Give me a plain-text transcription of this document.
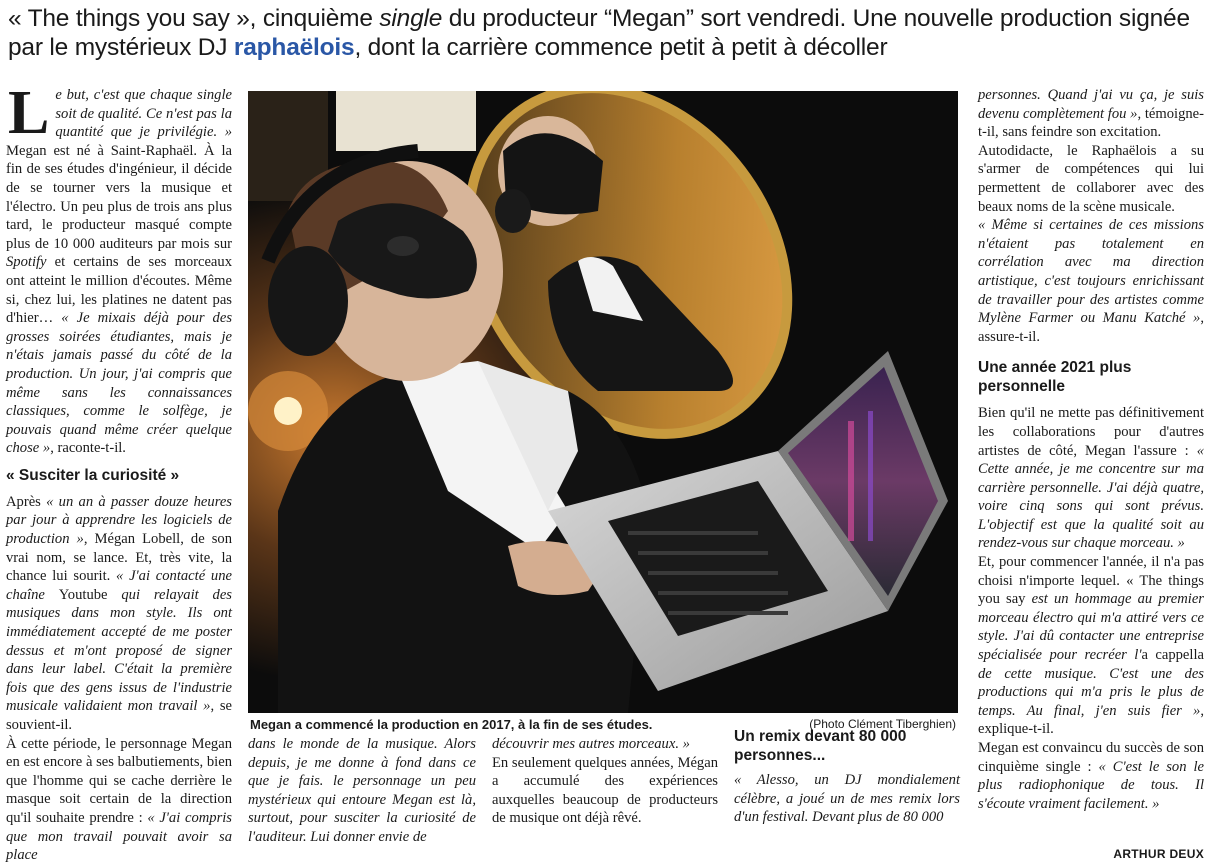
« The things you say », cinquième single du producteur “Megan” sort vendredi. Une nouvelle production signée par le mystérieux DJ raphaëlois, dont la carrière commence petit à petit à décoller

Le but, c'est que chaque single soit de qualité. Ce n'est pas la quantité que je privilégie. » Megan est né à Saint-Raphaël. À la fin de ses études d'ingénieur, il décide de se tourner vers la musique et l'électro. Un peu plus de trois ans plus tard, le producteur masqué compte plus de 10 000 auditeurs par mois sur Spotify et certains de ses morceaux ont atteint le million d'écoutes. Même si, chez lui, les platines ne datent pas d'hier… « Je mixais déjà pour des grosses soirées étudiantes, mais je n'étais jamais passé du côté de la production. Un jour, j'ai compris que même sans les connaissances classiques, comme le solfège, je pouvais quand même créer quelque chose », raconte-t-il.

« Susciter la curiosité »

Après « un an à passer douze heures par jour à apprendre les logiciels de production », Mégan Lobell, de son vrai nom, se lance. Et, très vite, la chance lui sourit. « J'ai contacté une chaîne Youtube qui relayait des musiques dans mon style. Ils ont immédiatement accepté de me poster dessus et m'ont proposé de signer dans leur label. C'était la première fois que des gens issus de l'industrie musicale validaient mon travail », se souvient-il.

À cette période, le personnage Megan en est encore à ses balbutiements, bien que l'homme qui se cache derrière le masque soit certain de la direction qu'il souhaite prendre : « J'ai compris que mon travail pouvait avoir sa place

Megan a commencé la production en 2017, à la fin de ses études.	(Photo Clément Tiberghien)

dans le monde de la musique. Alors depuis, je me donne à fond dans ce que je fais. le personnage un peu mystérieux qui entoure Megan est là, surtout, pour susciter la curiosité de l'auditeur. Lui donner envie de

découvrir mes autres morceaux. »

En seulement quelques années, Mégan a accumulé des expériences auxquelles beaucoup de producteurs de musique ont déjà rêvé.

Un remix devant 80 000 personnes...

« Alesso, un DJ mondialement célèbre, a joué un de mes remix lors d'un festival. Devant plus de 80 000

personnes. Quand j'ai vu ça, je suis devenu complètement fou », témoigne-t-il, sans feindre son excitation.

Autodidacte, le Raphaëlois a su s'armer de compétences qui lui permettent de collaborer avec des beaux noms de la scène musicale.

« Même si certaines de ces missions n'étaient pas totalement en corrélation avec ma direction artistique, c'est toujours enrichissant de travailler pour des artistes comme Mylène Farmer ou Manu Katché », assure-t-il.

Une année 2021 plus personnelle

Bien qu'il ne mette pas définitivement les collaborations pour d'autres artistes de côté, Megan l'assure : « Cette année, je me concentre sur ma carrière personnelle. J'ai déjà quatre, voire cinq sons qui sont prévus. L'objectif est que la qualité soit au rendez-vous sur chaque morceau. »

Et, pour commencer l'année, il n'a pas choisi n'importe lequel. « The things you say est un hommage au premier morceau électro qui m'a attiré vers ce style. J'ai dû contacter une entreprise spécialisée pour recréer l'a cappella de cette musique. C'est une des productions qui m'a pris le plus de temps. Au final, j'en suis fier », explique-t-il.

Megan est convaincu du succès de son cinquième single : « C'est le son le plus radiophonique de tous. Il s'écoute vraiment facilement. »

ARTHUR DEUX
